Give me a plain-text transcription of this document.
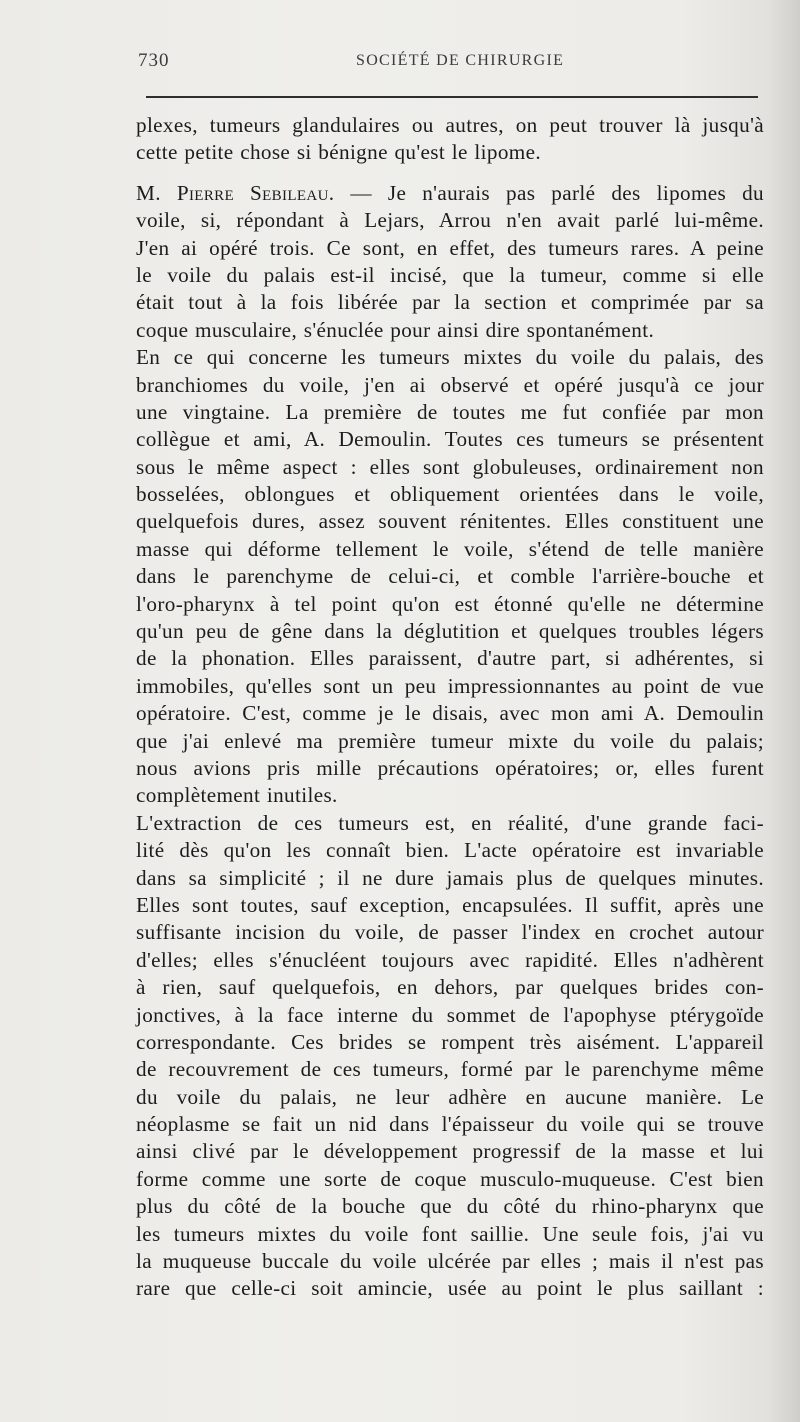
730	SOCIÉTÉ DE CHIRURGIE
plexes, tumeurs glandulaires ou autres, on peut trouver là jusqu'à
cette petite chose si bénigne qu'est le lipome.
M. Pierre Sebileau. — Je n'aurais pas parlé des lipomes du
voile, si, répondant à Lejars, Arrou n'en avait parlé lui-même.
J'en ai opéré trois. Ce sont, en effet, des tumeurs rares. A peine
le voile du palais est-il incisé, que la tumeur, comme si elle
était tout à la fois libérée par la section et comprimée par sa
coque musculaire, s'énuclée pour ainsi dire spontanément.
En ce qui concerne les tumeurs mixtes du voile du palais, des
branchiomes du voile, j'en ai observé et opéré jusqu'à ce jour
une vingtaine. La première de toutes me fut confiée par mon
collègue et ami, A. Demoulin. Toutes ces tumeurs se présentent
sous le même aspect : elles sont globuleuses, ordinairement non
bosselées, oblongues et obliquement orientées dans le voile,
quelquefois dures, assez souvent rénitentes. Elles constituent une
masse qui déforme tellement le voile, s'étend de telle manière
dans le parenchyme de celui-ci, et comble l'arrière-bouche et
l'oro-pharynx à tel point qu'on est étonné qu'elle ne détermine
qu'un peu de gêne dans la déglutition et quelques troubles légers
de la phonation. Elles paraissent, d'autre part, si adhérentes, si
immobiles, qu'elles sont un peu impressionnantes au point de vue
opératoire. C'est, comme je le disais, avec mon ami A. Demoulin
que j'ai enlevé ma première tumeur mixte du voile du palais;
nous avions pris mille précautions opératoires; or, elles furent
complètement inutiles.
L'extraction de ces tumeurs est, en réalité, d'une grande faci-
lité dès qu'on les connaît bien. L'acte opératoire est invariable
dans sa simplicité ; il ne dure jamais plus de quelques minutes.
Elles sont toutes, sauf exception, encapsulées. Il suffit, après une
suffisante incision du voile, de passer l'index en crochet autour
d'elles; elles s'énucléent toujours avec rapidité. Elles n'adhèrent
à rien, sauf quelquefois, en dehors, par quelques brides con-
jonctives, à la face interne du sommet de l'apophyse ptérygoïde
correspondante. Ces brides se rompent très aisément. L'appareil
de recouvrement de ces tumeurs, formé par le parenchyme même
du voile du palais, ne leur adhère en aucune manière. Le
néoplasme se fait un nid dans l'épaisseur du voile qui se trouve
ainsi clivé par le développement progressif de la masse et lui
forme comme une sorte de coque musculo-muqueuse. C'est bien
plus du côté de la bouche que du côté du rhino-pharynx que
les tumeurs mixtes du voile font saillie. Une seule fois, j'ai vu
la muqueuse buccale du voile ulcérée par elles ; mais il n'est pas
rare que celle-ci soit amincie, usée au point le plus saillant :
